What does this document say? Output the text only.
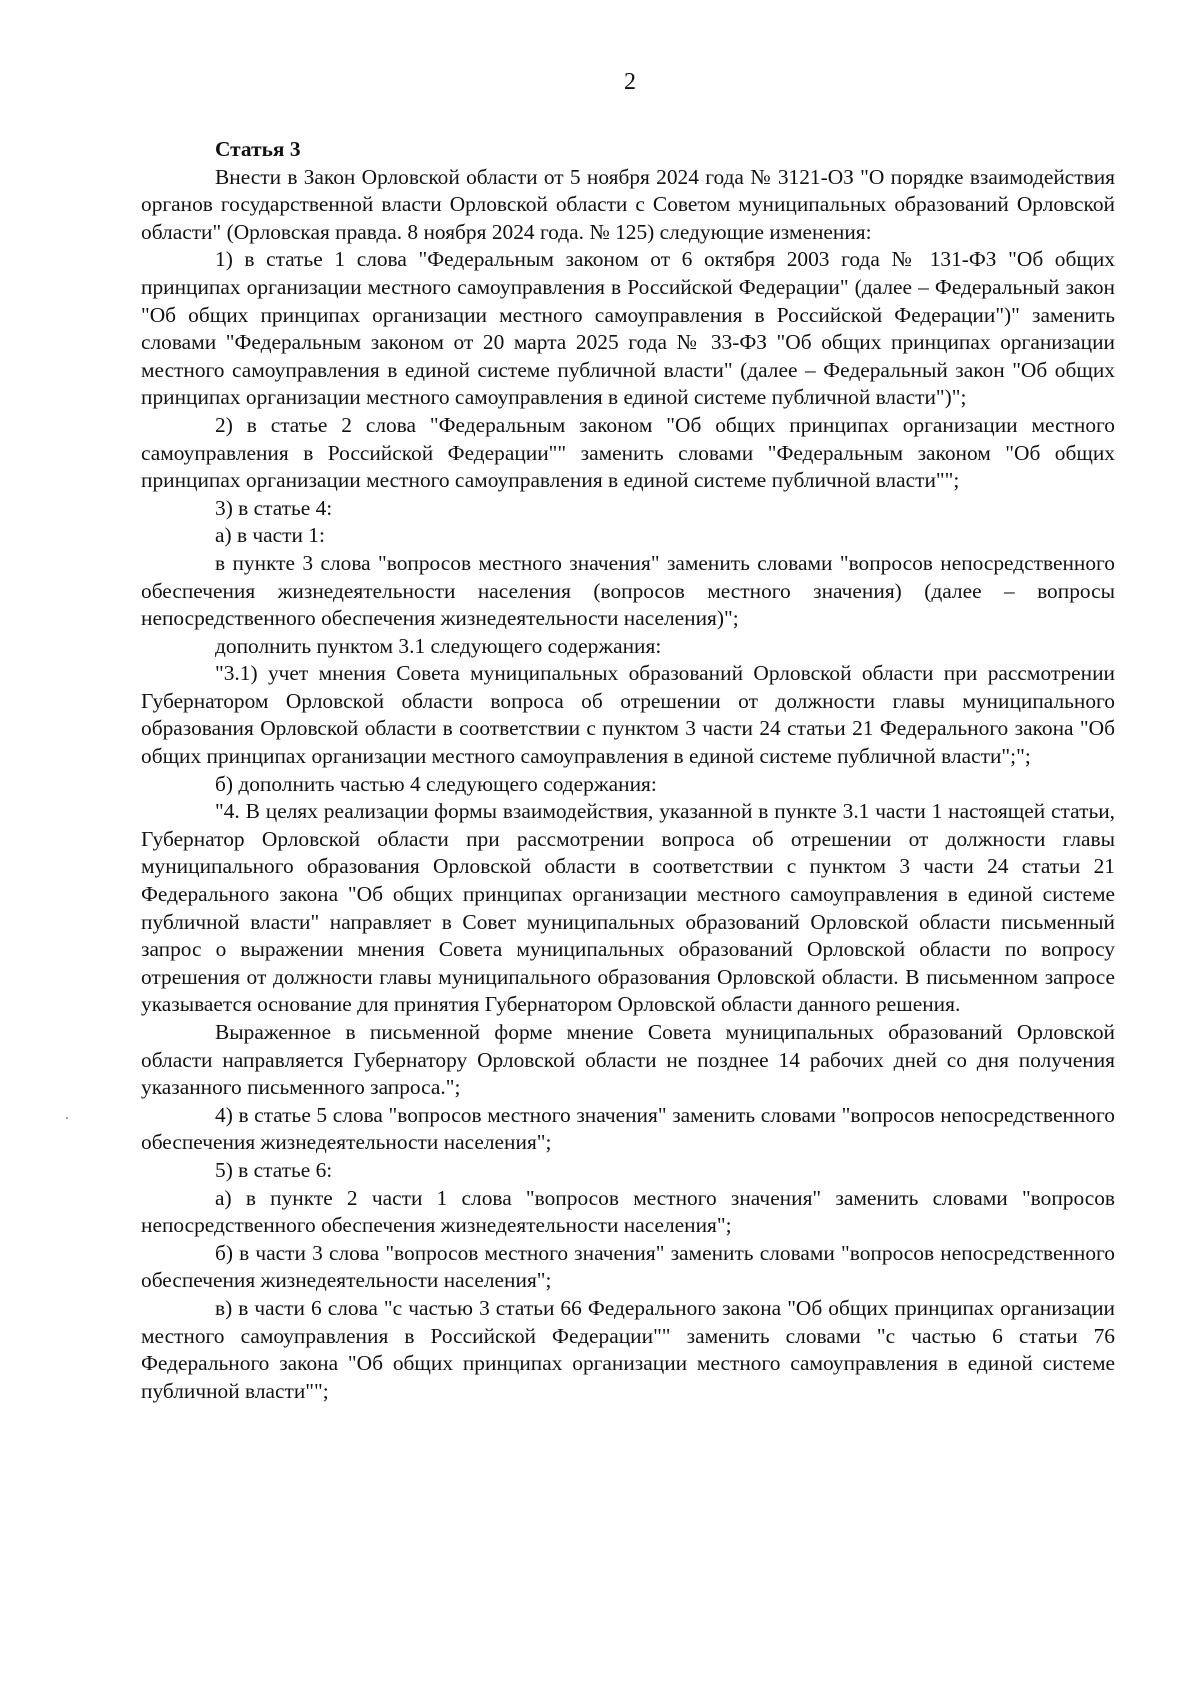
2

Статья 3

Внести в Закон Орловской области от 5 ноября 2024 года № 3121-ОЗ "О порядке взаимодействия органов государственной власти Орловской области с Советом муниципальных образований Орловской области" (Орловская правда. 8 ноября 2024 года. № 125) следующие изменения:

1) в статье 1 слова "Федеральным законом от 6 октября 2003 года № 131-ФЗ "Об общих принципах организации местного самоуправления в Российской Федерации" (далее – Федеральный закон "Об общих принципах организации местного самоуправления в Российской Федерации")" заменить словами "Федеральным законом от 20 марта 2025 года № 33-ФЗ "Об общих принципах организации местного самоуправления в единой системе публичной власти" (далее – Федеральный закон "Об общих принципах организации местного самоуправления в единой системе публичной власти")";

2) в статье 2 слова "Федеральным законом "Об общих принципах организации местного самоуправления в Российской Федерации"" заменить словами "Федеральным законом "Об общих принципах организации местного самоуправления в единой системе публичной власти"";

3) в статье 4:

а) в части 1:

в пункте 3 слова "вопросов местного значения" заменить словами "вопросов непосредственного обеспечения жизнедеятельности населения (вопросов местного значения) (далее – вопросы непосредственного обеспечения жизнедеятельности населения)";

дополнить пунктом 3.1 следующего содержания:

"3.1) учет мнения Совета муниципальных образований Орловской области при рассмотрении Губернатором Орловской области вопроса об отрешении от должности главы муниципального образования Орловской области в соответствии с пунктом 3 части 24 статьи 21 Федерального закона "Об общих принципах организации местного самоуправления в единой системе публичной власти";";

б) дополнить частью 4 следующего содержания:

"4. В целях реализации формы взаимодействия, указанной в пункте 3.1 части 1 настоящей статьи, Губернатор Орловской области при рассмотрении вопроса об отрешении от должности главы муниципального образования Орловской области в соответствии с пунктом 3 части 24 статьи 21 Федерального закона "Об общих принципах организации местного самоуправления в единой системе публичной власти" направляет в Совет муниципальных образований Орловской области письменный запрос о выражении мнения Совета муниципальных образований Орловской области по вопросу отрешения от должности главы муниципального образования Орловской области. В письменном запросе указывается основание для принятия Губернатором Орловской области данного решения.

Выраженное в письменной форме мнение Совета муниципальных образований Орловской области направляется Губернатору Орловской области не позднее 14 рабочих дней со дня получения указанного письменного запроса.";

4) в статье 5 слова "вопросов местного значения" заменить словами "вопросов непосредственного обеспечения жизнедеятельности населения";

5) в статье 6:

а) в пункте 2 части 1 слова "вопросов местного значения" заменить словами "вопросов непосредственного обеспечения жизнедеятельности населения";

б) в части 3 слова "вопросов местного значения" заменить словами "вопросов непосредственного обеспечения жизнедеятельности населения";

в) в части 6 слова "с частью 3 статьи 66 Федерального закона "Об общих принципах организации местного самоуправления в Российской Федерации"" заменить словами "с частью 6 статьи 76 Федерального закона "Об общих принципах организации местного самоуправления в единой системе публичной власти"";
